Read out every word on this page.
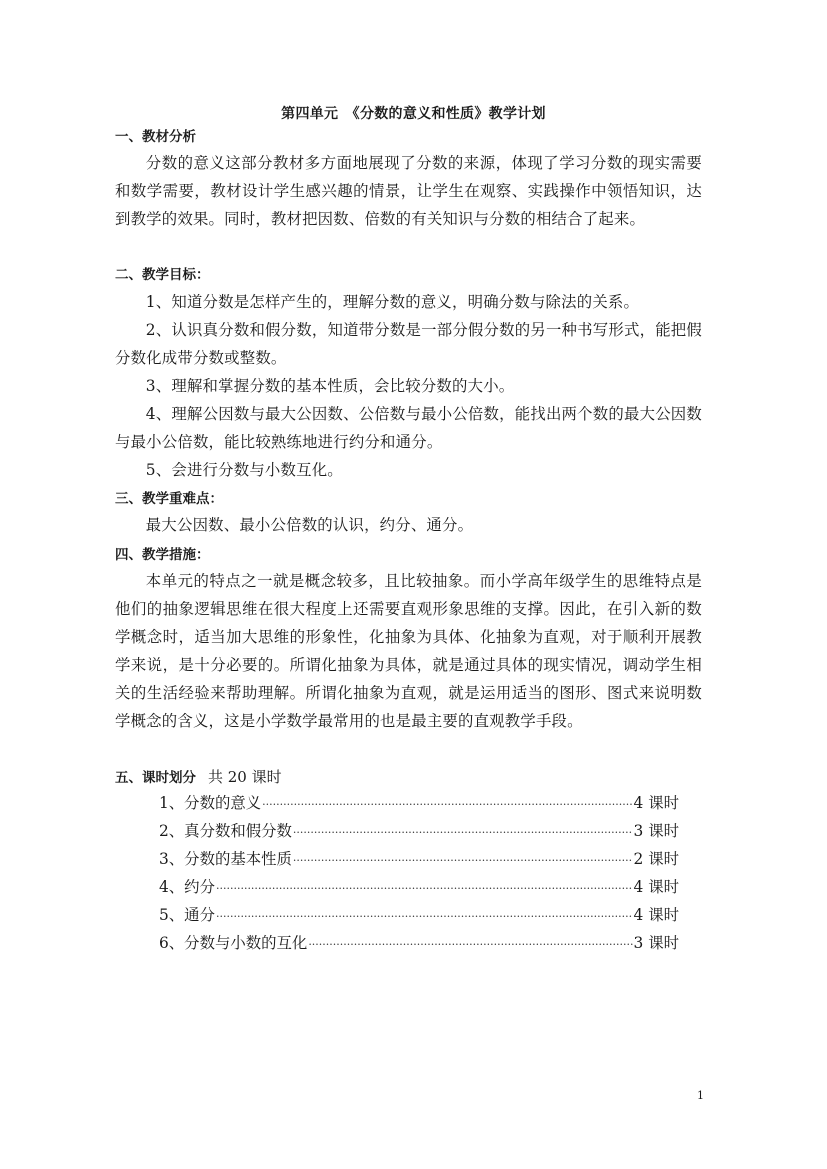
第四单元　《分数的意义和性质》教学计划
一、教材分析
分数的意义这部分教材多方面地展现了分数的来源，体现了学习分数的现实需要和数学需要，教材设计学生感兴趣的情景，让学生在观察、实践操作中领悟知识，达到教学的效果。同时，教材把因数、倍数的有关知识与分数的相结合了起来。
二、教学目标：
1、知道分数是怎样产生的，理解分数的意义，明确分数与除法的关系。
2、认识真分数和假分数，知道带分数是一部分假分数的另一种书写形式，能把假分数化成带分数或整数。
3、理解和掌握分数的基本性质，会比较分数的大小。
4、理解公因数与最大公因数、公倍数与最小公倍数，能找出两个数的最大公因数与最小公倍数，能比较熟练地进行约分和通分。
5、会进行分数与小数互化。
三、教学重难点：
最大公因数、最小公倍数的认识，约分、通分。
四、教学措施：
本单元的特点之一就是概念较多，且比较抽象。而小学高年级学生的思维特点是他们的抽象逻辑思维在很大程度上还需要直观形象思维的支撑。因此，在引入新的数学概念时，适当加大思维的形象性，化抽象为具体、化抽象为直观，对于顺利开展教学来说，是十分必要的。所谓化抽象为具体，就是通过具体的现实情况，调动学生相关的生活经验来帮助理解。所谓化抽象为直观，就是运用适当的图形、图式来说明数学概念的含义，这是小学数学最常用的也是最主要的直观教学手段。
五、课时划分 共 20 课时
1、分数的意义 ·····	4 课时
2、真分数和假分数 ·····	3 课时
3、分数的基本性质 ·····	2 课时
4、约分 ·····	4 课时
5、通分 ·····	4 课时
6、分数与小数的互化 ·····	3 课时
1
